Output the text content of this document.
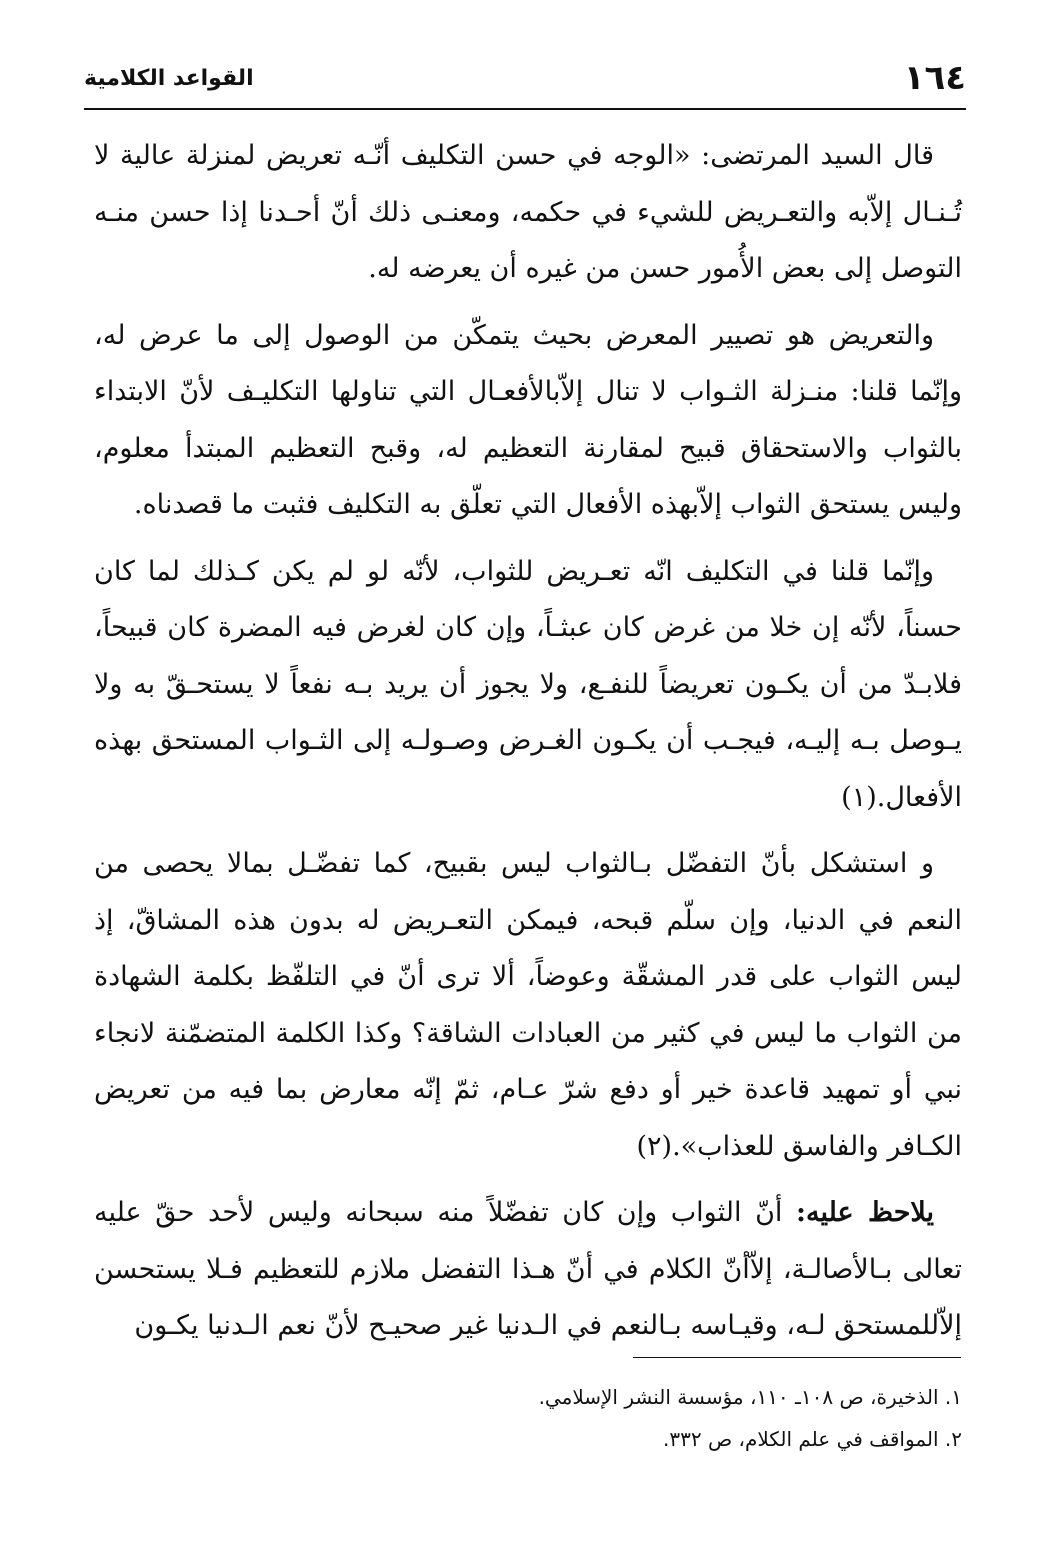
١٦٤
القواعد الكلامية

قال السيد المرتضى: «الوجه في حسن التكليف أنّـه تعريض لمنزلة عالية لا تُـنـال إلاّبه والتعـريض للشيء في حكمه، ومعنـى ذلك أنّ أحـدنا إذا حسن منـه التوصل إلى بعض الأُمور حسن من غيره أن يعرضه له.

والتعريض هو تصيير المعرض بحيث يتمكّن من الوصول إلى ما عرض له، وإنّما قلنا: منـزلة الثـواب لا تنال إلاّبالأفعـال التي تناولها التكليـف لأنّ الابتداء بالثواب والاستحقاق قبيح لمقارنة التعظيم له، وقبح التعظيم المبتدأ معلوم، وليس يستحق الثواب إلاّبهذه الأفعال التي تعلّق به التكليف فثبت ما قصدناه.

وإنّما قلنا في التكليف انّه تعـريض للثواب، لأنّه لو لم يكن كـذلك لما كان حسناً، لأنّه إن خلا من غرض كان عبثـاً، وإن كان لغرض فيه المضرة كان قبيحاً، فلابـدّ من أن يكـون تعريضاً للنفـع، ولا يجوز أن يريد بـه نفعاً لا يستحـقّ به ولا يـوصل بـه إليـه، فيجـب أن يكـون الغـرض وصـولـه إلى الثـواب المستحق بهذه الأفعال.(١)

و استشكل بأنّ التفضّل بـالثواب ليس بقبيح، كما تفضّـل بمالا يحصى من النعم في الدنيا، وإن سلّم قبحه، فيمكن التعـريض له بدون هذه المشاقّ، إذ ليس الثواب على قدر المشقّة وعوضاً، ألا ترى أنّ في التلفّظ بكلمة الشهادة من الثواب ما ليس في كثير من العبادات الشاقة؟ وكذا الكلمة المتضمّنة لانجاء نبي أو تمهيد قاعدة خير أو دفع شرّ عـام، ثمّ إنّه معارض بما فيه من تعريض الكـافر والفاسق للعذاب».(٢)

يلاحظ عليه: أنّ الثواب وإن كان تفضّلاً منه سبحانه وليس لأحد حقّ عليه تعالى بـالأصالـة، إلاّأنّ الكلام في أنّ هـذا التفضل ملازم للتعظيم فـلا يستحسن إلاّللمستحق لـه، وقيـاسه بـالنعم في الـدنيا غير صحيـح لأنّ نعم الـدنيا يكـون

١. الذخيرة، ص ١٠٨ـ ١١٠، مؤسسة النشر الإسلامي.
٢. المواقف في علم الكلام، ص ٣٣٢.
